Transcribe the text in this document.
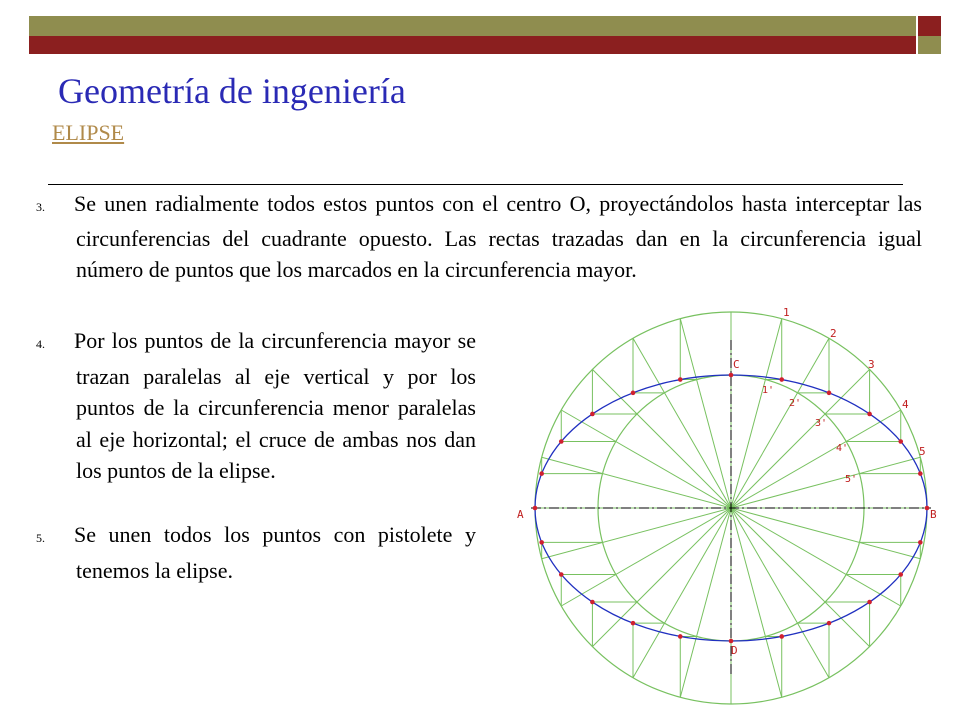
Geometría de ingeniería
ELIPSE
3. Se unen radialmente todos estos puntos con el centro O, proyectándolos hasta interceptar las circunferencias del cuadrante opuesto. Las rectas trazadas dan en la circunferencia igual número de puntos que los marcados en la circunferencia mayor.
4. Por los puntos de la circunferencia mayor se trazan paralelas al eje vertical y por los puntos de la circunferencia menor paralelas al eje horizontal; el cruce de ambas nos dan los puntos de la elipse.
5. Se unen todos los puntos con pistolete y tenemos la elipse.
C
D
A	B
1
2
3
4
5
1'
2'
3'
4'
5'
